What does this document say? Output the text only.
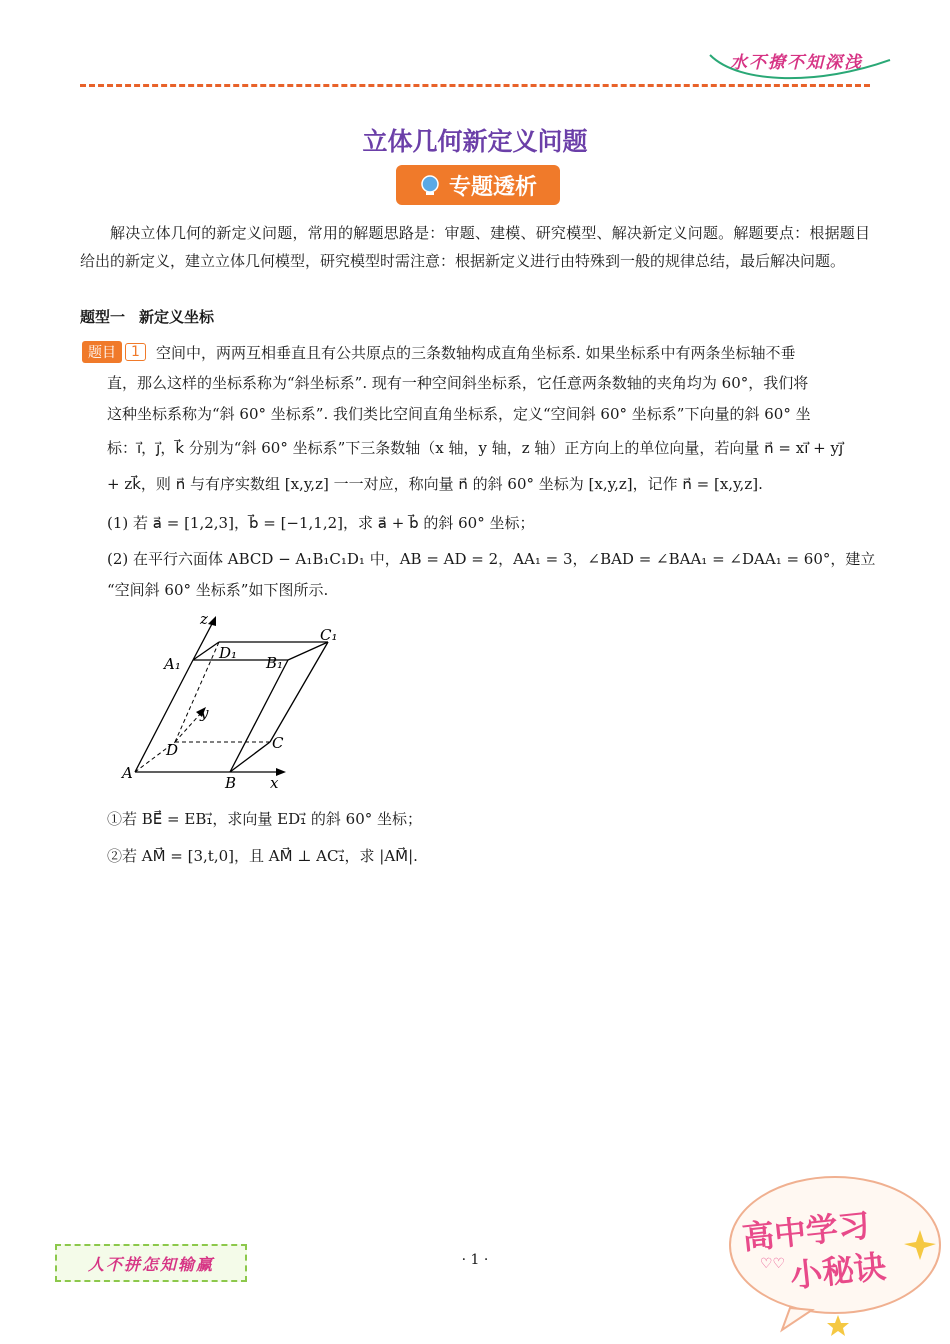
水不撩不知深浅
立体几何新定义问题
专题透析
解决立体几何的新定义问题，常用的解题思路是：审题、建模、研究模型、解决新定义问题。解题要点：根据题目给出的新定义，建立立体几何模型，研究模型时需注意：根据新定义进行由特殊到一般的规律总结，最后解决问题。
题型一 新定义坐标
题目	1	空间中，两两互相垂直且有公共原点的三条数轴构成直角坐标系. 如果坐标系中有两条坐标轴不垂
直，那么这样的坐标系称为“斜坐标系”. 现有一种空间斜坐标系，它任意两条数轴的夹角均为 60°，我们将
这种坐标系称为“斜 60° 坐标系”. 我们类比空间直角坐标系，定义“空间斜 60° 坐标系”下向量的斜 60° 坐
标：i⃗，j⃗，k⃗ 分别为“斜 60° 坐标系”下三条数轴（x 轴，y 轴，z 轴）正方向上的单位向量，若向量 n⃗ = xi⃗ + yj⃗
+ zk⃗，则 n⃗ 与有序实数组 [x,y,z] 一一对应，称向量 n⃗ 的斜 60° 坐标为 [x,y,z]，记作 n⃗ = [x,y,z].
(1) 若 a⃗ = [1,2,3]，b⃗ = [−1,1,2]，求 a⃗ + b⃗ 的斜 60° 坐标；
(2) 在平行六面体 ABCD − A₁B₁C₁D₁ 中，AB = AD = 2，AA₁ = 3，∠BAD = ∠BAA₁ = ∠DAA₁ = 60°，建立
“空间斜 60° 坐标系”如下图所示.
A
B
C
D
A₁	B₁
C₁
D₁
z
y
x
①若 BE⃗ = EB₁⃗，求向量 ED₁⃗ 的斜 60° 坐标；
②若 AM⃗ = [3,t,0]，且 AM⃗ ⊥ AC₁⃗，求 |AM⃗|.
人不拼怎知输赢	· 1 ·
高中学习
小秘诀
♡♡
